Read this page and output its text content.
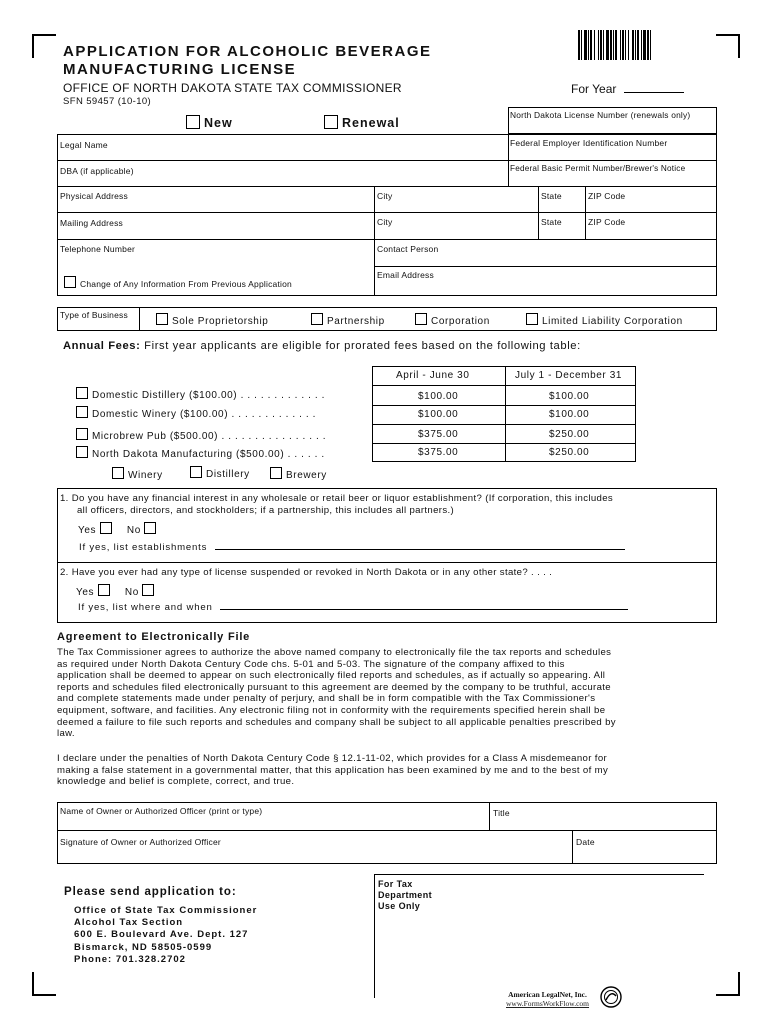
APPLICATION FOR ALCOHOLIC BEVERAGE
MANUFACTURING LICENSE
OFFICE OF NORTH DAKOTA STATE TAX COMMISSIONER
SFN 59457 (10-10)
For Year
New	Renewal
North Dakota License Number (renewals only)
Legal Name	Federal Employer Identification Number
DBA (if applicable)	Federal Basic Permit Number/Brewer's Notice
Physical Address	City	State	ZIP Code
Mailing Address	City	State	ZIP Code
Telephone Number	Contact Person
Email Address
Change of Any Information From Previous Application
Type of Business
Sole Proprietorship	Partnership	Corporation	Limited Liability Corporation
Annual Fees: First year applicants are eligible for prorated fees based on the following table:
April - June 30	July 1 - December 31
Domestic Distillery ($100.00) . . . . . . . . . . . . .	$100.00	$100.00
Domestic Winery ($100.00) . . . . . . . . . . . . .	$100.00	$100.00
Microbrew Pub ($500.00) . . . . . . . . . . . . . . . .	$375.00	$250.00
North Dakota Manufacturing ($500.00) . . . . . .	$375.00	$250.00
Winery	Distillery	Brewery
1. Do you have any financial interest in any wholesale or retail beer or liquor establishment? (If corporation, this includes
all officers, directors, and stockholders; if a partnership, this includes all partners.)
Yes	No
If yes, list establishments
2. Have you ever had any type of license suspended or revoked in North Dakota or in any other state? . . . .
Yes	No
If yes, list where and when
Agreement to Electronically File
The Tax Commissioner agrees to authorize the above named company to electronically file the tax reports and schedules
as required under North Dakota Century Code chs. 5-01 and 5-03. The signature of the company affixed to this
application shall be deemed to appear on such electronically filed reports and schedules, as if actually so appearing. All
reports and schedules filed electronically pursuant to this agreement are deemed by the company to be truthful, accurate
and complete statements made under penalty of perjury, and shall be in form compatible with the Tax Commissioner's
equipment, software, and facilities. Any electronic filing not in conformity with the requirements specified herein shall be
deemed a failure to file such reports and schedules and company shall be subject to all applicable penalties prescribed by
law.
I declare under the penalties of North Dakota Century Code § 12.1-11-02, which provides for a Class A misdemeanor for
making a false statement in a governmental matter, that this application has been examined by me and to the best of my
knowledge and belief is complete, correct, and true.
Name of Owner or Authorized Officer (print or type)	Title
Signature of Owner or Authorized Officer	Date
Please send application to:
Office of State Tax Commissioner
Alcohol Tax Section
600 E. Boulevard Ave. Dept. 127
Bismarck, ND 58505-0599
Phone: 701.328.2702
For Tax
Department
Use Only
American LegalNet, Inc.
www.FormsWorkFlow.com
